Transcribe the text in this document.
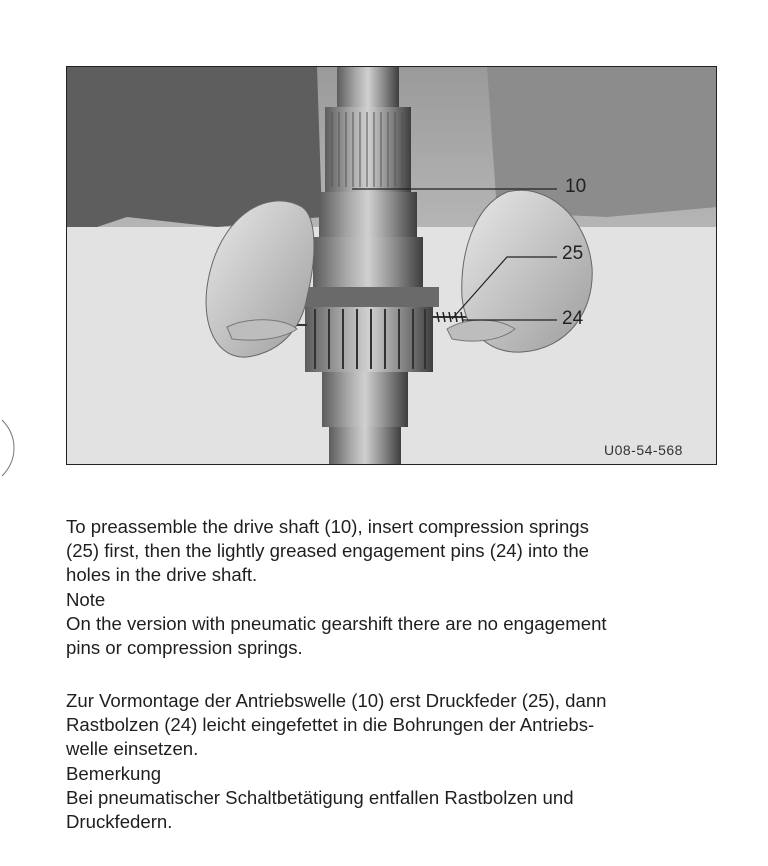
10
25
24
U08-54-568

To preassemble the drive shaft (10), insert compression springs

(25) first, then the lightly greased engagement pins (24) into the

holes in the drive shaft.

Note

On the version with pneumatic gearshift there are no engagement

pins or compression springs.

Zur Vormontage der Antriebswelle (10) erst Druckfeder (25), dann

Rastbolzen (24) leicht eingefettet in die Bohrungen der Antriebs-

welle einsetzen.

Bemerkung

Bei pneumatischer Schaltbetätigung entfallen Rastbolzen und

Druckfedern.
